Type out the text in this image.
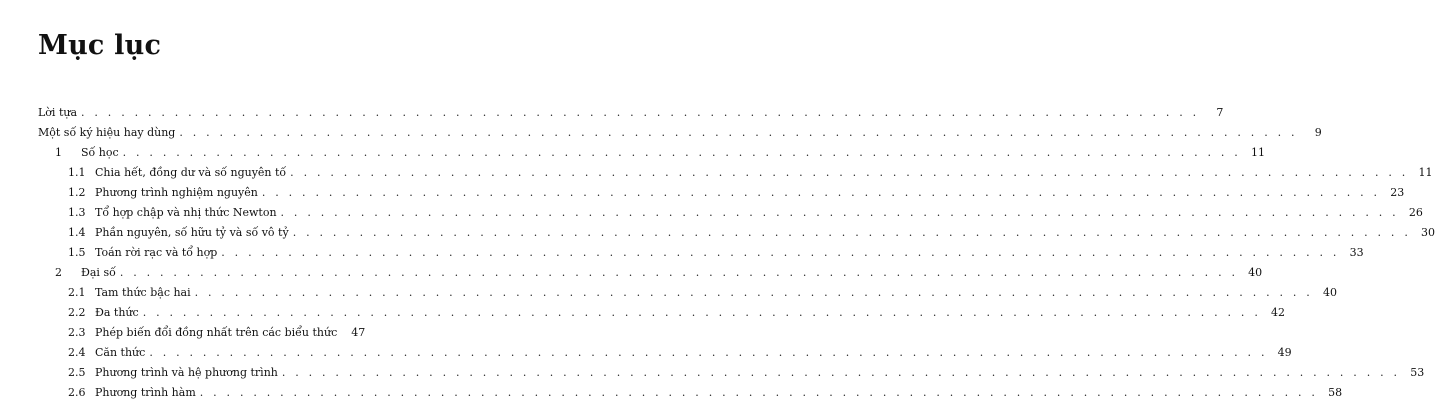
Mục lục
Lời tựa . . .	7
Một số ký hiệu hay dùng . . .	9
1 Số học . . .	11
1.1 Chia hết, đồng dư và số nguyên tố . . .	11
1.2 Phương trình nghiệm nguyên . . .	23
1.3 Tổ hợp chập và nhị thức Newton . . .	26
1.4 Phần nguyên, số hữu tỷ và số vô tỷ . . .	30
1.5 Toán rời rạc và tổ hợp . . .	33
2 Đại số . . .	40
2.1 Tam thức bậc hai . . .	40
2.2 Đa thức . . .	42
2.3 Phép biến đổi đồng nhất trên các biểu thức	47
2.4 Căn thức . . .	49
2.5 Phương trình và hệ phương trình . . .	53
2.6 Phương trình hàm . . .	58
